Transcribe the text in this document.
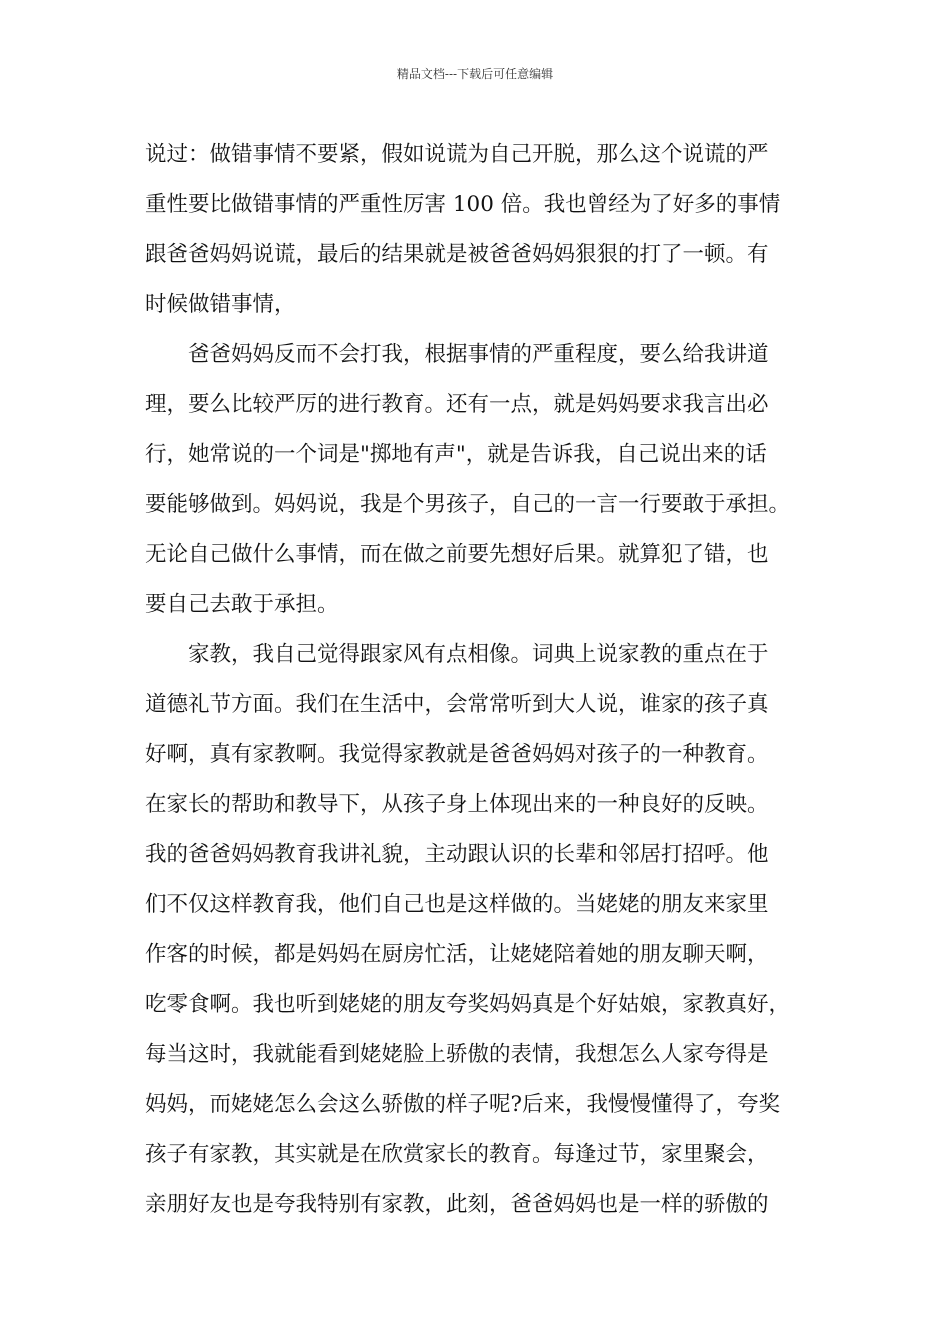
精品文档---下载后可任意编辑
说过：做错事情不要紧，假如说谎为自己开脱，那么这个说谎的严
重性要比做错事情的严重性厉害 100 倍。我也曾经为了好多的事情
跟爸爸妈妈说谎，最后的结果就是被爸爸妈妈狠狠的打了一顿。有
时候做错事情，
　　爸爸妈妈反而不会打我，根据事情的严重程度，要么给我讲道
理，要么比较严厉的进行教育。还有一点，就是妈妈要求我言出必
行，她常说的一个词是"掷地有声"，就是告诉我，自己说出来的话
要能够做到。妈妈说，我是个男孩子，自己的一言一行要敢于承担。
无论自己做什么事情，而在做之前要先想好后果。就算犯了错，也
要自己去敢于承担。
　　家教，我自己觉得跟家风有点相像。词典上说家教的重点在于
道德礼节方面。我们在生活中，会常常听到大人说，谁家的孩子真
好啊，真有家教啊。我觉得家教就是爸爸妈妈对孩子的一种教育。
在家长的帮助和教导下，从孩子身上体现出来的一种良好的反映。
我的爸爸妈妈教育我讲礼貌，主动跟认识的长辈和邻居打招呼。他
们不仅这样教育我，他们自己也是这样做的。当姥姥的朋友来家里
作客的时候，都是妈妈在厨房忙活，让姥姥陪着她的朋友聊天啊，
吃零食啊。我也听到姥姥的朋友夸奖妈妈真是个好姑娘，家教真好，
每当这时，我就能看到姥姥脸上骄傲的表情，我想怎么人家夸得是
妈妈，而姥姥怎么会这么骄傲的样子呢?后来，我慢慢懂得了，夸奖
孩子有家教，其实就是在欣赏家长的教育。每逢过节，家里聚会，
亲朋好友也是夸我特别有家教，此刻，爸爸妈妈也是一样的骄傲的
